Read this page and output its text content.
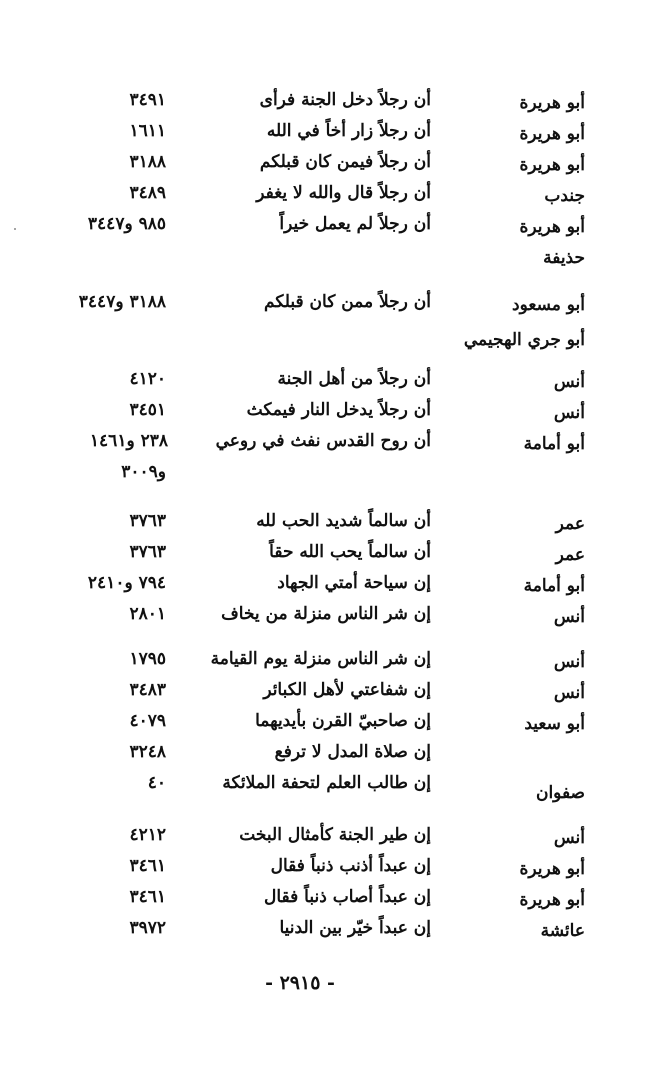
أبو هريرة
أن رجلاً دخل الجنة فرأى
٣٤٩١
أبو هريرة
أن رجلاً زار أخاً في الله
١٦١١
أبو هريرة
أن رجلاً فيمن كان قبلكم
٣١٨٨
جندب
أن رجلاً قال والله لا يغفر
٣٤٨٩
أبو هريرة
أن رجلاً لم يعمل خيراً
٩٨٥ و٣٤٤٧
حذيفة
أبو مسعود
أن رجلاً ممن كان قبلكم
٣١٨٨ و٣٤٤٧
أبو جري الهجيمي
أنس
أن رجلاً من أهل الجنة
٤١٢٠
أنس
أن رجلاً يدخل النار فيمكث
٣٤٥١
أبو أمامة
أن روح القدس نفث في روعي
٢٣٨ و١٤٦١
و٣٠٠٩
عمر
أن سالماً شديد الحب لله
٣٧٦٣
عمر
أن سالماً يحب الله حقاً
٣٧٦٣
أبو أمامة
إن سياحة أمتي الجهاد
٧٩٤ و٢٤١٠
أنس
إن شر الناس منزلة من يخاف
٢٨٠١
أنس
إن شر الناس منزلة يوم القيامة
١٧٩٥
أنس
إن شفاعتي لأهل الكبائر
٣٤٨٣
أبو سعيد
إن صاحبيّ القرن بأيديهما
٤٠٧٩
إن صلاة المدل لا ترفع
٣٢٤٨
صفوان
إن طالب العلم لتحفة الملائكة
٤٠
أنس
إن طير الجنة كأمثال البخت
٤٢١٢
أبو هريرة
إن عبداً أذنب ذنباً فقال
٣٤٦١
أبو هريرة
إن عبداً أصاب ذنباً فقال
٣٤٦١
عائشة
إن عبداً خيّر بين الدنيا
٣٩٧٢
- ٢٩١٥ -
